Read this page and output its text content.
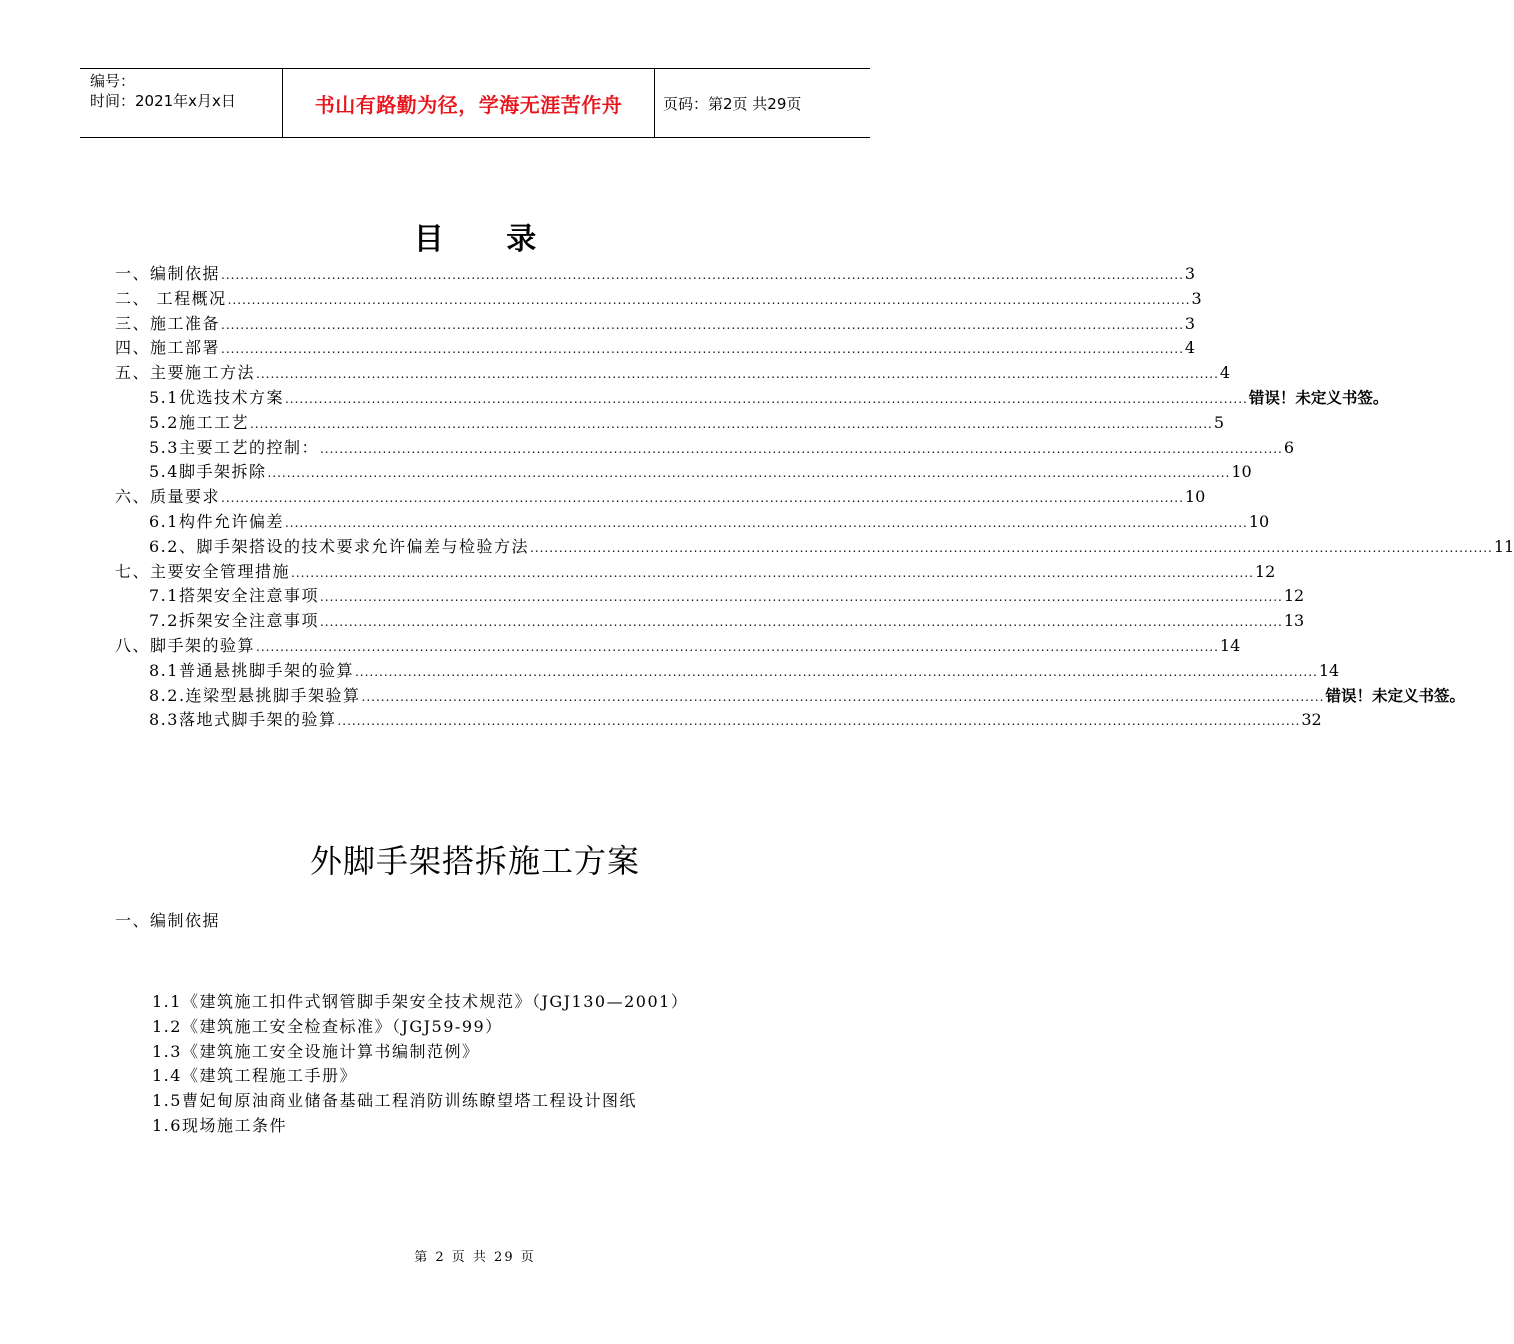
编号：
时间：2021年x月x日	书山有路勤为径，学海无涯苦作舟	页码：第2页 共29页
目 录
一、编制依据 ........................................................................................................................................................................................................ 3
二、 工程概况 ........................................................................................................................................................................................................ 3
三、施工准备 ........................................................................................................................................................................................................ 3
四、施工部署 ........................................................................................................................................................................................................ 4
五、主要施工方法 ........................................................................................................................................................................................................ 4
5.1优选技术方案 ........................................................................................................................................................................................................ 错误！未定义书签。
5.2施工工艺 ........................................................................................................................................................................................................ 5
5.3主要工艺的控制： ........................................................................................................................................................................................................ 6
5.4脚手架拆除 ........................................................................................................................................................................................................ 10
六、质量要求 ........................................................................................................................................................................................................ 10
6.1构件允许偏差 ........................................................................................................................................................................................................ 10
6.2、脚手架搭设的技术要求允许偏差与检验方法 ........................................................................................................................................................................................................ 11
七、主要安全管理措施 ........................................................................................................................................................................................................ 12
7.1搭架安全注意事项 ........................................................................................................................................................................................................ 12
7.2拆架安全注意事项 ........................................................................................................................................................................................................ 13
八、脚手架的验算 ........................................................................................................................................................................................................ 14
8.1普通悬挑脚手架的验算 ........................................................................................................................................................................................................ 14
8.2.连梁型悬挑脚手架验算 ........................................................................................................................................................................................................ 错误！未定义书签。
8.3落地式脚手架的验算 ........................................................................................................................................................................................................ 32
外脚手架搭拆施工方案
一、编制依据
1.1《建筑施工扣件式钢管脚手架安全技术规范》（JGJ130—2001）
1.2《建筑施工安全检查标准》（JGJ59-99）
1.3《建筑施工安全设施计算书编制范例》
1.4《建筑工程施工手册》
1.5曹妃甸原油商业储备基础工程消防训练瞭望塔工程设计图纸
1.6现场施工条件
第 2 页 共 29 页
